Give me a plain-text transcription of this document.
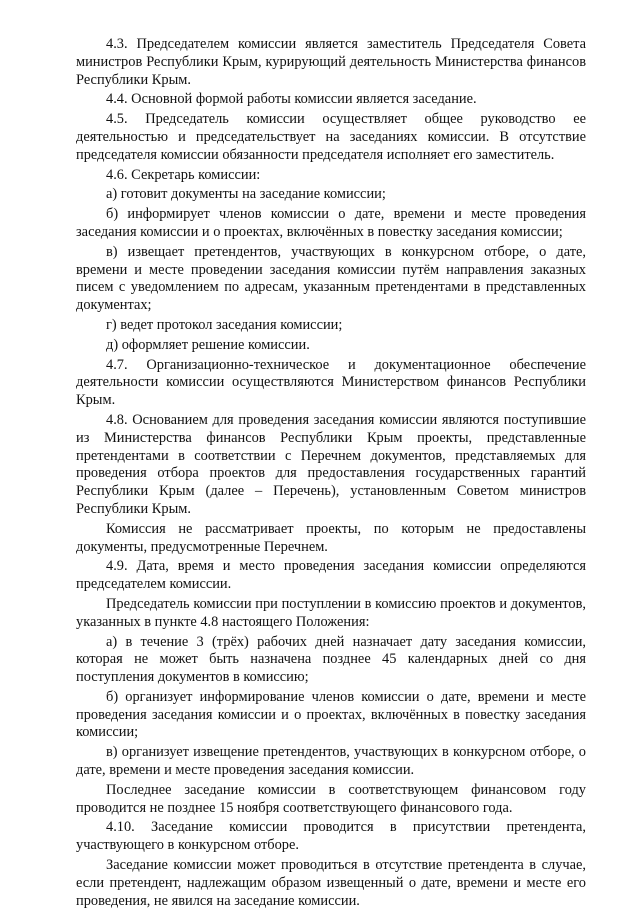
4.3. Председателем комиссии является заместитель Председателя Совета министров Республики Крым, курирующий деятельность Министерства финансов Республики Крым.

4.4. Основной формой работы комиссии является заседание.

4.5. Председатель комиссии осуществляет общее руководство ее деятельностью и председательствует на заседаниях комиссии. В отсутствие председателя комиссии обязанности председателя исполняет его заместитель.

4.6. Секретарь комиссии:

а) готовит документы на заседание комиссии;

б) информирует членов комиссии о дате, времени и месте проведения заседания комиссии и о проектах, включённых в повестку заседания комиссии;

в) извещает претендентов, участвующих в конкурсном отборе, о дате, времени и месте проведении заседания комиссии путём направления заказных писем с уведомлением по адресам, указанным претендентами в представленных документах;

г) ведет протокол заседания комиссии;

д) оформляет решение комиссии.

4.7. Организационно-техническое и документационное обеспечение деятельности комиссии осуществляются Министерством финансов Республики Крым.

4.8. Основанием для проведения заседания комиссии являются поступившие из Министерства финансов Республики Крым проекты, представленные претендентами в соответствии с Перечнем документов, представляемых для проведения отбора проектов для предоставления государственных гарантий Республики Крым (далее – Перечень), установленным Советом министров Республики Крым.

Комиссия не рассматривает проекты, по которым не предоставлены документы, предусмотренные Перечнем.

4.9. Дата, время и место проведения заседания комиссии определяются председателем комиссии.

Председатель комиссии при поступлении в комиссию проектов и документов, указанных в пункте 4.8 настоящего Положения:

а) в течение 3 (трёх) рабочих дней назначает дату заседания комиссии, которая не может быть назначена позднее 45 календарных дней со дня поступления документов в комиссию;

б) организует информирование членов комиссии о дате, времени и месте проведения заседания комиссии и о проектах, включённых в повестку заседания комиссии;

в) организует извещение претендентов, участвующих в конкурсном отборе, о дате, времени и месте проведения заседания комиссии.

Последнее заседание комиссии в соответствующем финансовом году проводится не позднее 15 ноября соответствующего финансового года.

4.10. Заседание комиссии проводится в присутствии претендента, участвующего в конкурсном отборе.

Заседание комиссии может проводиться в отсутствие претендента в случае, если претендент, надлежащим образом извещенный о дате, времени и месте его проведения, не явился на заседание комиссии.
